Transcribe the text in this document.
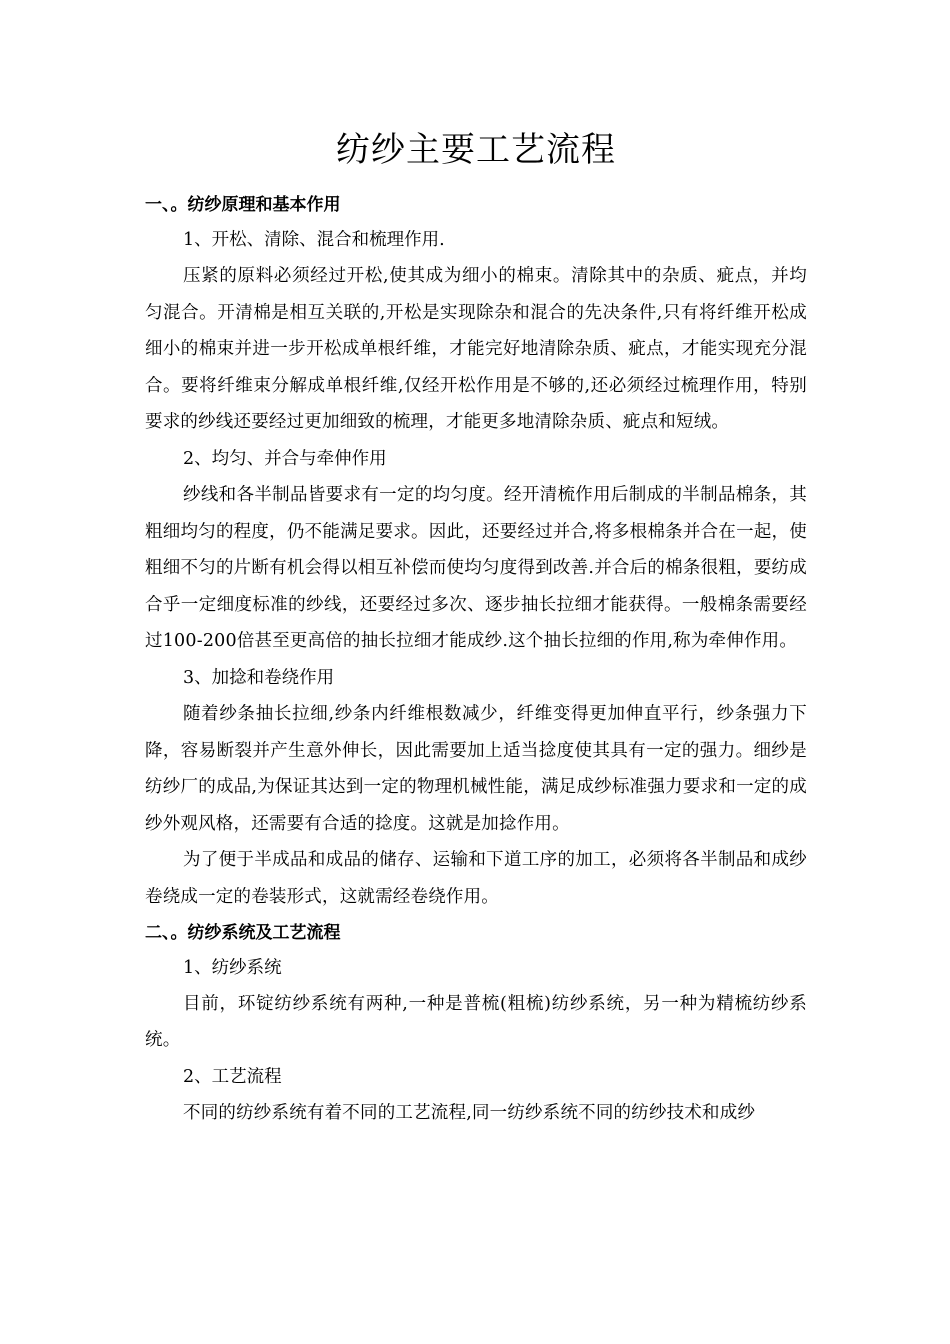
纺纱主要工艺流程

一、。纺纱原理和基本作用

1、开松、清除、混合和梳理作用.

压紧的原料必须经过开松,使其成为细小的棉束。清除其中的杂质、疵点，并均匀混合。开清棉是相互关联的,开松是实现除杂和混合的先决条件,只有将纤维开松成细小的棉束并进一步开松成单根纤维，才能完好地清除杂质、疵点，才能实现充分混合。要将纤维束分解成单根纤维,仅经开松作用是不够的,还必须经过梳理作用，特别要求的纱线还要经过更加细致的梳理，才能更多地清除杂质、疵点和短绒。

2、均匀、并合与牵伸作用

纱线和各半制品皆要求有一定的均匀度。经开清梳作用后制成的半制品棉条，其粗细均匀的程度，仍不能满足要求。因此，还要经过并合,将多根棉条并合在一起，使粗细不匀的片断有机会得以相互补偿而使均匀度得到改善.并合后的棉条很粗，要纺成合乎一定细度标准的纱线，还要经过多次、逐步抽长拉细才能获得。一般棉条需要经过100-200倍甚至更高倍的抽长拉细才能成纱.这个抽长拉细的作用,称为牵伸作用。

3、加捻和卷绕作用

随着纱条抽长拉细,纱条内纤维根数减少，纤维变得更加伸直平行，纱条强力下降，容易断裂并产生意外伸长，因此需要加上适当捻度使其具有一定的强力。细纱是纺纱厂的成品,为保证其达到一定的物理机械性能，满足成纱标准强力要求和一定的成纱外观风格，还需要有合适的捻度。这就是加捻作用。

为了便于半成品和成品的储存、运输和下道工序的加工，必须将各半制品和成纱卷绕成一定的卷装形式，这就需经卷绕作用。

二、。纺纱系统及工艺流程

1、纺纱系统

目前，环锭纺纱系统有两种,一种是普梳(粗梳)纺纱系统，另一种为精梳纺纱系统。

2、工艺流程

不同的纺纱系统有着不同的工艺流程,同一纺纱系统不同的纺纱技术和成纱
